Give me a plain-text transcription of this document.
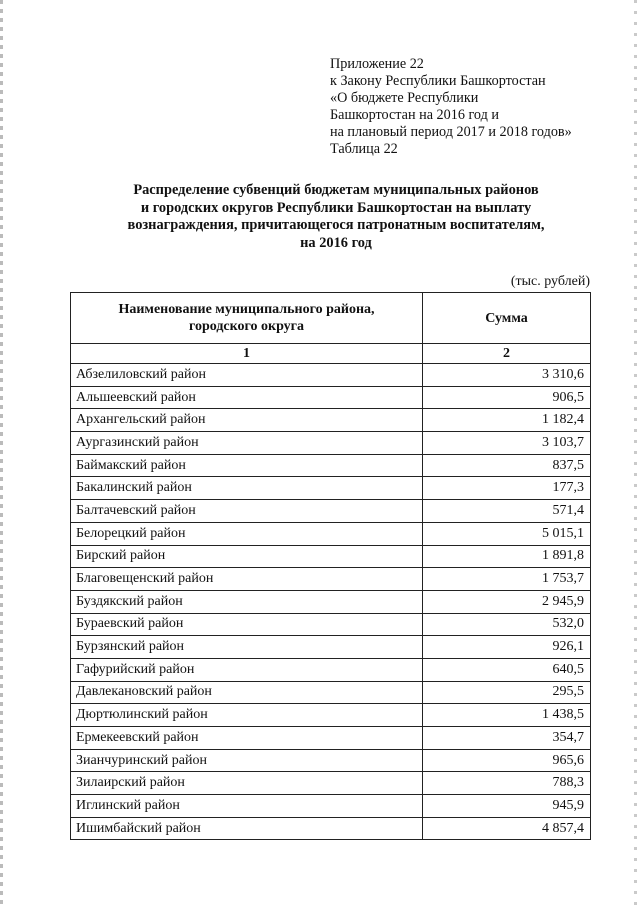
Приложение 22
к Закону Республики Башкортостан
«О бюджете Республики
Башкортостан на 2016 год и
на плановый период 2017 и 2018 годов»
Таблица 22
Распределение субвенций бюджетам муниципальных районов
и городских округов Республики Башкортостан на выплату
вознаграждения, причитающегося патронатным воспитателям,
на 2016 год
(тыс. рублей)
Наименование муниципального района,
городского округа	Сумма
1	2
Абзелиловский район	3 310,6
Альшеевский район	906,5
Архангельский район	1 182,4
Аургазинский район	3 103,7
Баймакский район	837,5
Бакалинский район	177,3
Балтачевский район	571,4
Белорецкий район	5 015,1
Бирский район	1 891,8
Благовещенский район	1 753,7
Буздякский район	2 945,9
Бураевский район	532,0
Бурзянский район	926,1
Гафурийский район	640,5
Давлекановский район	295,5
Дюртюлинский район	1 438,5
Ермекеевский район	354,7
Зианчуринский район	965,6
Зилаирский район	788,3
Иглинский район	945,9
Ишимбайский район	4 857,4
